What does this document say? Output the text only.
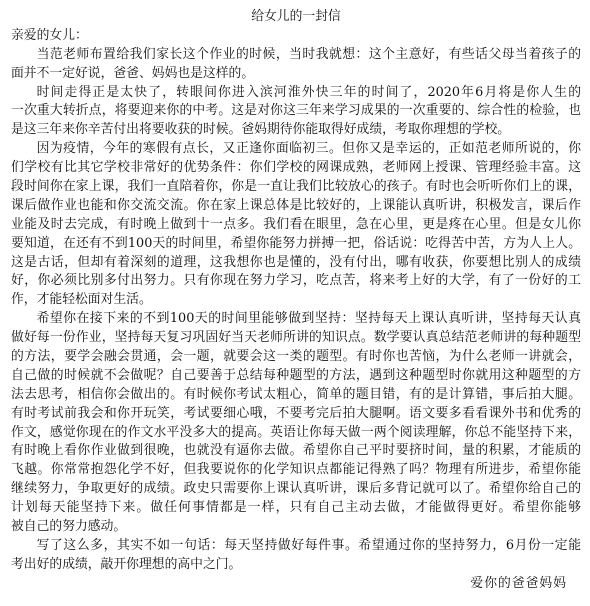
给女儿的一封信
亲爱的女儿：
当范老师布置给我们家长这个作业的时候，当时我就想：这个主意好，有些话父母当着孩子的
面并不一定好说，爸爸、妈妈也是这样的。
时间走得正是太快了，转眼间你进入滨河淮外快三年的时间了，2020年6月将是你人生的
一次重大转折点，将要迎来你的中考。这是对你这三年来学习成果的一次重要的、综合性的检验，也
是这三年来你辛苦付出将要收获的时候。爸妈期待你能取得好成绩，考取你理想的学校。
因为疫情，今年的寒假有点长，又正逢你面临初三。但你又是幸运的，正如范老师所说的，你
们学校有比其它学校非常好的优势条件：你们学校的网课成熟，老师网上授课、管理经验丰富。这
段时间你在家上课，我们一直陪着你，你是一直让我们比较放心的孩子。有时也会听听你们上的课，
课后做作业也能和你交流交流。你在家上课总体是比较好的，上课能认真听讲，积极发言，课后作
业能及时去完成，有时晚上做到十一点多。我们看在眼里，急在心里，更是疼在心里。但是女儿你
要知道，在还有不到100天的时间里，希望你能努力拼搏一把，俗话说：吃得苦中苦，方为人上人。
这是古话，但却有着深刻的道理，这我想你也是懂的，没有付出，哪有收获，你要想比别人的成绩
好，你必须比别多付出努力。只有你现在努力学习，吃点苦，将来考上好的大学，有了一份好的工
作，才能轻松面对生活。
希望你在接下来的不到100天的时间里能够做到坚持：坚持每天上课认真听讲，坚持每天认真
做好每一份作业，坚持每天复习巩固好当天老师所讲的知识点。数学要认真总结范老师讲的每种题型
的方法，要学会融会贯通，会一题，就要会这一类的题型。有时你也苦恼，为什么老师一讲就会，
自己做的时候就不会做呢？自己要善于总结每种题型的方法，遇到这种题型时你就用这种题型的方
法去思考，相信你会做出的。有时候你考试太粗心，简单的题目错，有的是计算错，事后拍大腿。
有时考试前我会和你开玩笑，考试要细心哦，不要考完后拍大腿啊。语文要多看看课外书和优秀的
作文，感觉你现在的作文水平没多大的提高。英语让你每天做一两个阅读理解，你总不能坚持下来，
有时晚上看你作业做到很晚，也就没有逼你去做。希望你自己平时要挤时间，量的积累，才能质的
飞越。你常常抱怨化学不好，但我要说你的化学知识点都能记得熟了吗？物理有所进步，希望你能
继续努力，争取更好的成绩。政史只需要你上课认真听讲，课后多背记就可以了。希望你给自己的
计划每天能坚持下来。做任何事情都是一样，只有自己主动去做，才能做得更好。希望你能够
被自己的努力感动。
写了这么多，其实不如一句话：每天坚持做好每件事。希望通过你的坚持努力，6月份一定能
考出好的成绩，敲开你理想的高中之门。
爱你的爸爸妈妈
